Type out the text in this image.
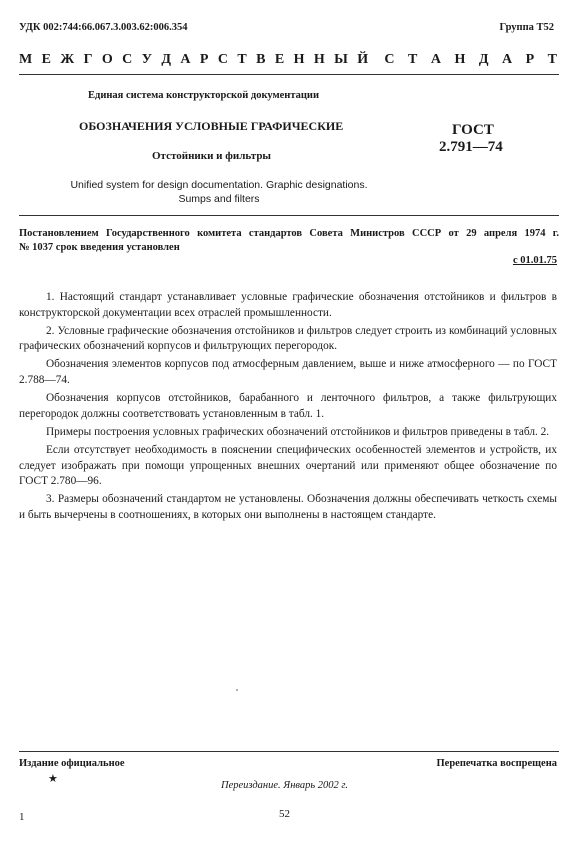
УДК 002:744:66.067.3.003.62:006.354	Группа Т52
М Е Ж Г О С У Д А Р С Т В Е Н Н Ы Й С Т А Н Д А Р Т
Единая система конструкторской документации
ОБОЗНАЧЕНИЯ УСЛОВНЫЕ ГРАФИЧЕСКИЕ
Отстойники и фильтры
ГОСТ
2.791—74
Unified system for design documentation. Graphic designations.
Sumps and filters
Постановлением Государственного комитета стандартов Совета Министров СССР от 29 апреля 1974 г.
№ 1037 срок введения установлен
с 01.01.75

1. Настоящий стандарт устанавливает условные графические обозначения отстойников и фильтров в конструкторской документации всех отраслей промышленности.

2. Условные графические обозначения отстойников и фильтров следует строить из комбинаций условных графических обозначений корпусов и фильтрующих перегородок.

Обозначения элементов корпусов под атмосферным давлением, выше и ниже атмосферного — по ГОСТ 2.788—74.

Обозначения корпусов отстойников, барабанного и ленточного фильтров, а также фильтрующих перегородок должны соответствовать установленным в табл. 1.

Примеры построения условных графических обозначений отстойников и фильтров приведены в табл. 2.

Если отсутствует необходимость в пояснении специфических особенностей элементов и устройств, их следует изображать при помощи упрощенных внешних очертаний или применяют общее обозначение по ГОСТ 2.780—96.

3. Размеры обозначений стандартом не установлены. Обозначения должны обеспечивать четкость схемы и быть вычерчены в соотношениях, в которых они выполнены в настоящем стандарте.

Издание официальное
★
Перепечатка воспрещена
Переиздание. Январь 2002 г.
1	52
